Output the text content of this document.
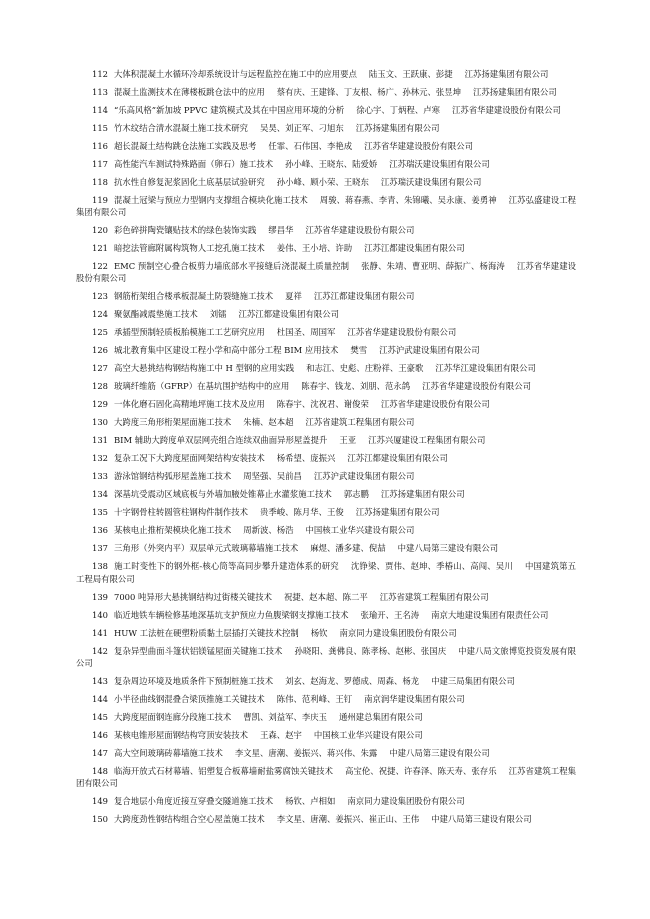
112 大体积混凝土水循环冷却系统设计与远程监控在施工中的应用要点 陆玉文、王跃康、彭捷 江苏扬建集团有限公司
113 混凝土监测技术在薄楼板跳仓法中的应用 蔡有庆、王建锋、丁友根、杨广、孙林元、张昱坤 江苏扬建集团有限公司
114 “乐高风格”新加坡 PPVC 建筑模式及其在中国应用环境的分析 徐心宇、丁炳程、卢寒 江苏省华建建设股份有限公司
115 竹木纹结合清水混凝土施工技术研究 吴昊、刘正军、刁旭东 江苏扬建集团有限公司
116 超长混凝土结构跳仓法施工实践及思考 任霏、石伟国、李艳成 江苏省华建建设股份有限公司
117 高性能汽车测试特殊路面（卵石）施工技术 孙小峰、王晓东、陆爱娇 江苏瑞沃建设集团有限公司
118 抗水性自修复泥浆固化土底基层试验研究 孙小峰、顾小荣、王晓东 江苏瑞沃建设集团有限公司
119 混凝土冠梁与预应力型钢内支撑组合模块化施工技术 周骏、蒋春燕、李青、朱锦曦、吴永康、姜勇神 江苏弘盛建设工程集团有限公司
120 彩色碎拼陶瓷镶贴技术的绿色装饰实践 缪昌华 江苏省华建建设股份有限公司
121 暗挖法管廊附属构筑物人工挖孔施工技术 姜伟、王小培、许助 江苏江都建设集团有限公司
122 EMC 预制空心叠合板剪力墙底部水平接缝后浇混凝土质量控制 张静、朱靖、曹亚明、薛振广、杨海涛 江苏省华建建设股份有限公司
123 钢筋桁架组合楼承板混凝土防裂缝施工技术 夏祥 江苏江都建设集团有限公司
124 聚氨酯减震垫施工技术 刘镭 江苏江都建设集团有限公司
125 承插型预制轻质板胎模施工工艺研究应用 杜国圣、周国军 江苏省华建建设股份有限公司
126 城北教育集中区建设工程小学和高中部分工程 BIM 应用技术 樊雪 江苏沪武建设集团有限公司
127 高空大悬挑结构钢结构施工中 H 型钢的应用实践 和志江、史彪、庄粉祥、王豪歌 江苏华江建设集团有限公司
128 玻璃纤维筋（GFRP）在基坑围护结构中的应用 陈春宇、钱龙、刘朋、范永鸽 江苏省华建建设股份有限公司
129 一体化磨石固化高精地坪施工技术及应用 陈春宇、沈祝君、谢俊荣 江苏省华建建设股份有限公司
130 大跨度三角形桁架屋面施工技术 朱楠、赵本超 江苏省建筑工程集团有限公司
131 BIM 辅助大跨度单双层网壳组合连续双曲面异形屋盖提升 王亚 江苏兴厦建设工程集团有限公司
132 复杂工况下大跨度屋面网架结构安装技术 杨希望、庞振兴 江苏江都建设集团有限公司
133 游泳馆钢结构弧形屋盖施工技术 周坚强、吴前昌 江苏沪武建设集团有限公司
134 深基坑受震动区域底板与外墙加腋处锥幕止水灌浆施工技术 郭志鹏 江苏扬建集团有限公司
135 十字钢骨柱转圆管柱钢构件制作技术 贵季峻、陈月华、王俊 江苏扬建集团有限公司
136 某核电止推桁架模块化施工技术 周新波、杨浩 中国核工业华兴建设有限公司
137 三角形（外突内平）双层单元式玻璃幕墙施工技术 麻煜、潘多建、倪喆 中建八局第三建设有限公司
138 施工时变性下的钢外框-核心筒等高同步攀升建造体系的研究 沈铮梁、贾伟、赵坤、季椿山、高闯、吴川 中国建筑第五工程局有限公司
139 7000 吨异形大悬挑钢结构过街楼关键技术 祝捷、赵本超、陈二平 江苏省建筑工程集团有限公司
140 临近地铁车辆检修基地深基坑支护预应力鱼腹梁钢支撑施工技术 张瑜开、王名涛 南京大地建设集团有限责任公司
141 HUW 工法桩在硬塑粉质黏土层插打关键技术控制 杨钦 南京同力建设集团股份有限公司
142 复杂异型曲面斗篷状铝镁锰屋面关键施工技术 孙晓阳、龚佛良、陈孝杨、赵彬、张国庆 中建八局文旅博览投资发展有限公司
143 复杂周边环境及地质条件下预制桩施工技术 刘玄、赵海龙、罗德成、周森、杨龙 中建三局集团有限公司
144 小半径曲线钢混叠合梁顶推施工关键技术 陈伟、范利峰、王钉 南京润华建设集团有限公司
145 大跨度屋面钢连廊分段施工技术 曹凯、刘益军、李庆玉 通州建总集团有限公司
146 某核电锥形屋面钢结构穹顶安装技术 王森、赵宇 中国核工业华兴建设有限公司
147 高大空间玻璃砖幕墙施工技术 李文星、唐潮、姜振兴、蒋兴伟、朱露 中建八局第三建设有限公司
148 临海开放式石材幕墙、铝塑复合板幕墙耐盐雾腐蚀关键技术 高宝伦、祝捷、许春泽、陈天寿、张存乐 江苏省建筑工程集团有限公司
149 复合地层小角度近接互穿叠交隧道施工技术 杨钦、卢相如 南京同力建设集团股份有限公司
150 大跨度劲性钢结构组合空心屋盖施工技术 李文星、唐潮、姜振兴、崔正山、王伟 中建八局第三建设有限公司
